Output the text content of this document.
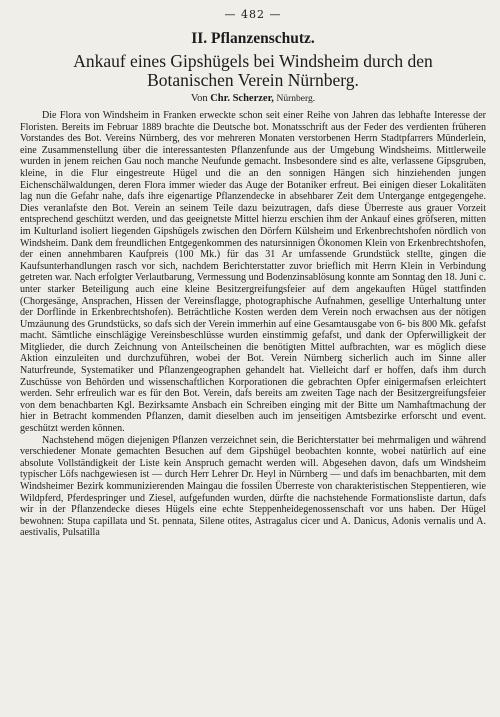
— 482 —
II. Pflanzenschutz.
Ankauf eines Gipshügels bei Windsheim durch den
Botanischen Verein Nürnberg.
Von Chr. Scherzer, Nürnberg.

Die Flora von Windsheim in Franken erweckte schon seit einer Reihe von Jahren das lebhafte Interesse der Floristen. Bereits im Februar 1889 brachte die Deutsche bot. Monatsschrift aus der Feder des verdienten früheren Vorstandes des Bot. Vereins Nürnberg, des vor mehreren Monaten verstorbenen Herrn Stadtpfarrers Münderlein, eine Zusammenstellung über die interessantesten Pflanzenfunde aus der Umgebung Windsheims. Mittlerweile wurden in jenem reichen Gau noch manche Neufunde gemacht. Insbesondere sind es alte, verlassene Gipsgruben, kleine, in die Flur eingestreute Hügel und die an den sonnigen Hängen sich hinziehenden jungen Eichenschälwaldungen, deren Flora immer wieder das Auge der Botaniker erfreut. Bei einigen dieser Lokalitäten lag nun die Gefahr nahe, dafs ihre eigenartige Pflanzendecke in absehbarer Zeit dem Untergange entgegengehe. Dies veranlafste den Bot. Verein an seinem Teile dazu beizutragen, dafs diese Überreste aus grauer Vorzeit entsprechend geschützt werden, und das geeignetste Mittel hierzu erschien ihm der Ankauf eines gröfseren, mitten im Kulturland isoliert liegenden Gipshügels zwischen den Dörfern Külsheim und Erkenbrechtshofen nördlich von Windsheim. Dank dem freundlichen Entgegenkommen des natursinnigen Ökonomen Klein von Erkenbrechtshofen, der einen annehmbaren Kaufpreis (100 Mk.) für das 31 Ar umfassende Grundstück stellte, gingen die Kaufsunterhandlungen rasch vor sich, nachdem Berichterstatter zuvor brieflich mit Herrn Klein in Verbindung getreten war. Nach erfolgter Verlautbarung, Vermessung und Bodenzinsablösung konnte am Sonntag den 18. Juni c. unter starker Beteiligung auch eine kleine Besitzergreifungsfeier auf dem angekauften Hügel stattfinden (Chorgesänge, Ansprachen, Hissen der Vereinsflagge, photographische Aufnahmen, gesellige Unterhaltung unter der Dorflinde in Erkenbrechtshofen). Beträchtliche Kosten werden dem Verein noch erwachsen aus der nötigen Umzäunung des Grundstücks, so dafs sich der Verein immerhin auf eine Gesamtausgabe von 6- bis 800 Mk. gefafst macht. Sämtliche einschlägige Vereinsbeschlüsse wurden einstimmig gefafst, und dank der Opferwilligkeit der Mitglieder, die durch Zeichnung von Anteilscheinen die benötigten Mittel aufbrachten, war es möglich diese Aktion einzuleiten und durchzuführen, wobei der Bot. Verein Nürnberg sicherlich auch im Sinne aller Naturfreunde, Systematiker und Pflanzengeographen gehandelt hat. Vielleicht darf er hoffen, dafs ihm durch Zuschüsse von Behörden und wissenschaftlichen Korporationen die gebrachten Opfer einigermafsen erleichtert werden. Sehr erfreulich war es für den Bot. Verein, dafs bereits am zweiten Tage nach der Besitzergreifungsfeier von dem benachbarten Kgl. Bezirksamte Ansbach ein Schreiben einging mit der Bitte um Namhaftmachung der hier in Betracht kommenden Pflanzen, damit dieselben auch im jenseitigen Amtsbezirke erforscht und event. geschützt werden können.

Nachstehend mögen diejenigen Pflanzen verzeichnet sein, die Berichterstatter bei mehrmaligen und während verschiedener Monate gemachten Besuchen auf dem Gipshügel beobachten konnte, wobei natürlich auf eine absolute Vollständigkeit der Liste kein Anspruch gemacht werden will. Abgesehen davon, dafs um Windsheim typischer Löfs nachgewiesen ist — durch Herr Lehrer Dr. Heyl in Nürnberg — und dafs im benachbarten, mit dem Windsheimer Bezirk kommunizierenden Maingau die fossilen Überreste von charakteristischen Steppentieren, wie Wildpferd, Pferdespringer und Ziesel, aufgefunden wurden, dürfte die nachstehende Formationsliste dartun, dafs wir in der Pflanzendecke dieses Hügels eine echte Steppenheidegenossenschaft vor uns haben. Der Hügel bewohnen: Stupa capillata und St. pennata, Silene otites, Astragalus cicer und A. Danicus, Adonis vernalis und A. aestivalis, Pulsatilla
